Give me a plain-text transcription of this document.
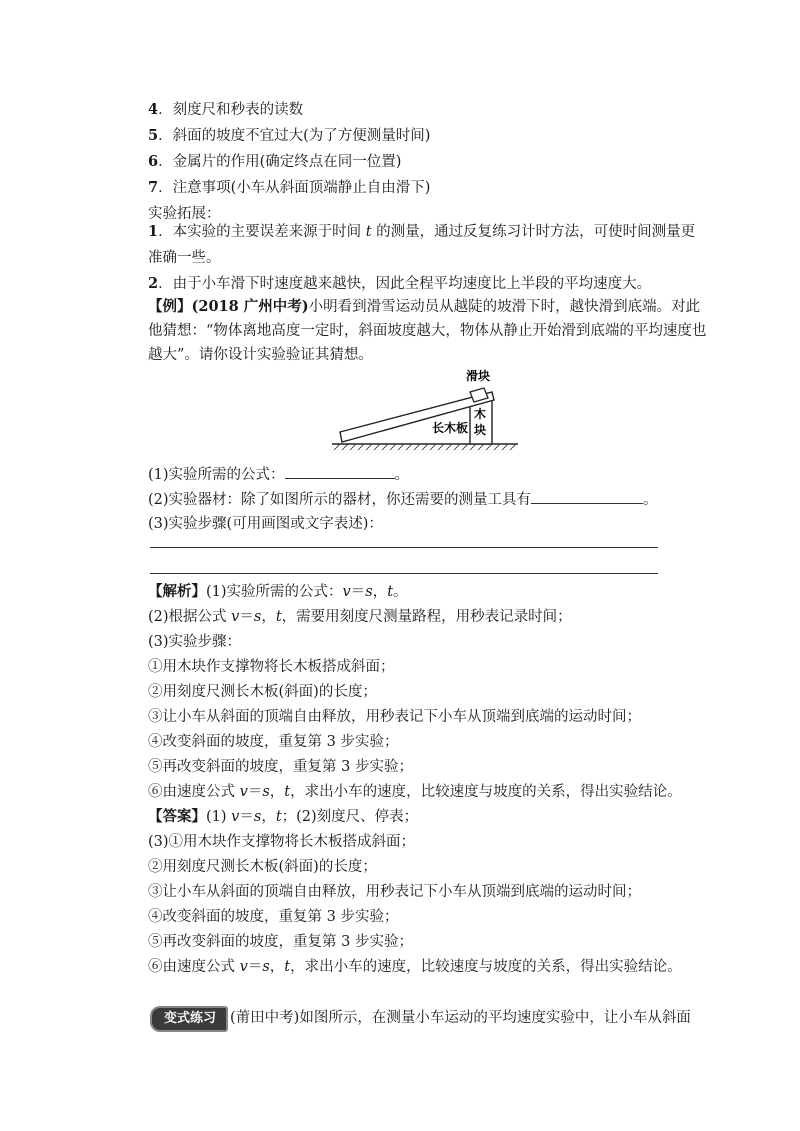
4．刻度尺和秒表的读数
5．斜面的坡度不宜过大(为了方便测量时间)
6．金属片的作用(确定终点在同一位置)
7．注意事项(小车从斜面顶端静止自由滑下)
实验拓展：
1．本实验的主要误差来源于时间 t 的测量，通过反复练习计时方法，可使时间测量更
准确一些。
2．由于小车滑下时速度越来越快，因此全程平均速度比上半段的平均速度大。
【例】(2018 广州中考)小明看到滑雪运动员从越陡的坡滑下时，越快滑到底端。对此
他猜想：“物体离地高度一定时，斜面坡度越大，物体从静止开始滑到底端的平均速度也
越大”。请你设计实验验证其猜想。
滑块
长木板
木
块
(1)实验所需的公式：	。
(2)实验器材：除了如图所示的器材，你还需要的测量工具有	。
(3)实验步骤(可用画图或文字表述)：
【解析】(1)实验所需的公式：v＝s，t。
(2)根据公式 v＝s，t，需要用刻度尺测量路程，用秒表记录时间；
(3)实验步骤：
①用木块作支撑物将长木板搭成斜面；
②用刻度尺测长木板(斜面)的长度；
③让小车从斜面的顶端自由释放，用秒表记下小车从顶端到底端的运动时间；
④改变斜面的坡度，重复第 3 步实验；
⑤再改变斜面的坡度，重复第 3 步实验；
⑥由速度公式 v＝s，t，求出小车的速度，比较速度与坡度的关系，得出实验结论。
【答案】(1) v＝s，t；(2)刻度尺、停表；
(3)①用木块作支撑物将长木板搭成斜面；
②用刻度尺测长木板(斜面)的长度；
③让小车从斜面的顶端自由释放，用秒表记下小车从顶端到底端的运动时间；
④改变斜面的坡度，重复第 3 步实验；
⑤再改变斜面的坡度，重复第 3 步实验；
⑥由速度公式 v＝s，t，求出小车的速度，比较速度与坡度的关系，得出实验结论。
变式练习 (莆田中考)如图所示，在测量小车运动的平均速度实验中，让小车从斜面
